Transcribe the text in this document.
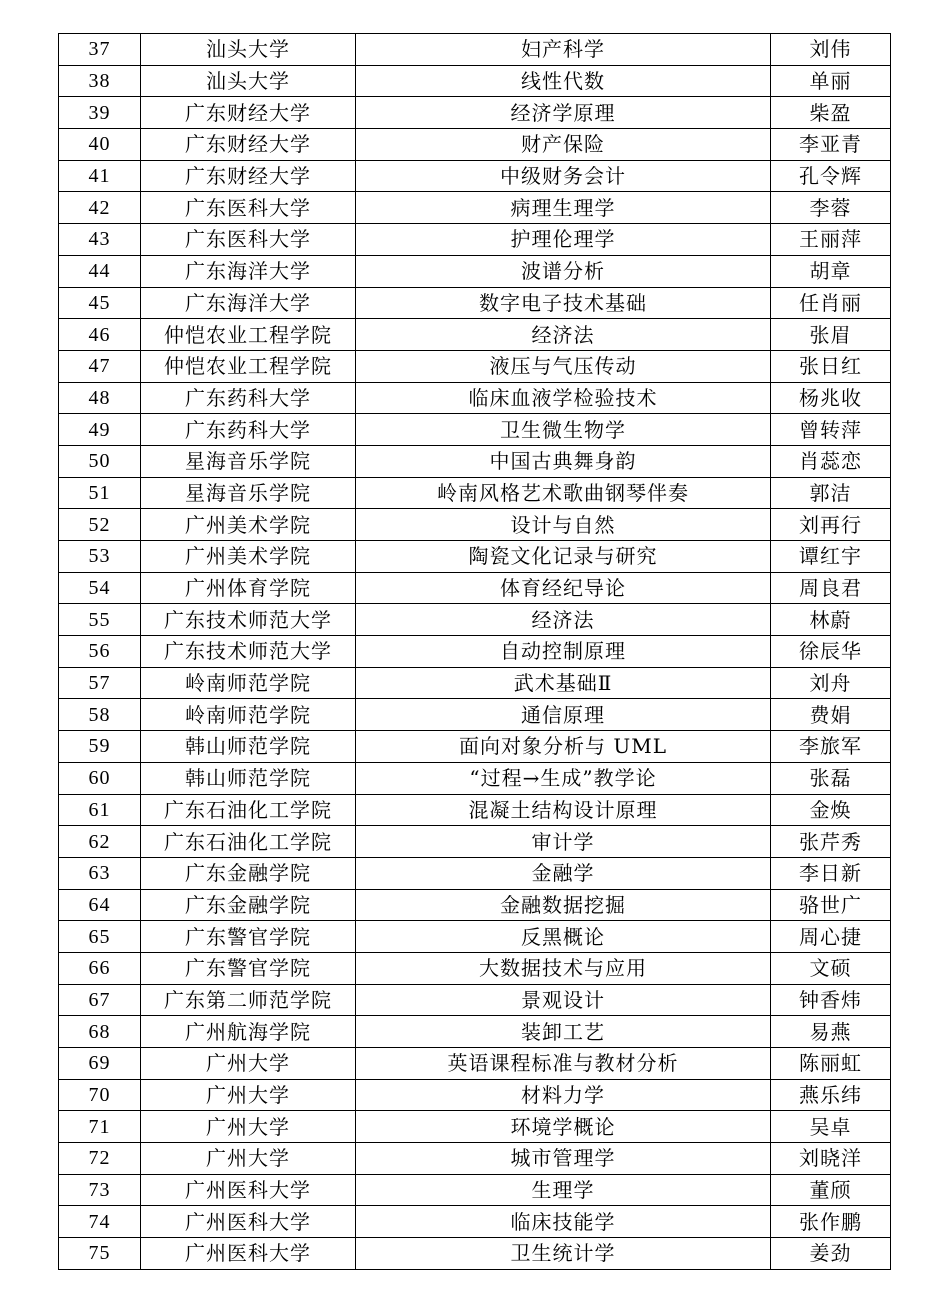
37	汕头大学	妇产科学	刘伟
38	汕头大学	线性代数	单丽
39	广东财经大学	经济学原理	柴盈
40	广东财经大学	财产保险	李亚青
41	广东财经大学	中级财务会计	孔令辉
42	广东医科大学	病理生理学	李蓉
43	广东医科大学	护理伦理学	王丽萍
44	广东海洋大学	波谱分析	胡章
45	广东海洋大学	数字电子技术基础	任肖丽
46	仲恺农业工程学院	经济法	张眉
47	仲恺农业工程学院	液压与气压传动	张日红
48	广东药科大学	临床血液学检验技术	杨兆收
49	广东药科大学	卫生微生物学	曾转萍
50	星海音乐学院	中国古典舞身韵	肖蕊恋
51	星海音乐学院	岭南风格艺术歌曲钢琴伴奏	郭洁
52	广州美术学院	设计与自然	刘再行
53	广州美术学院	陶瓷文化记录与研究	谭红宇
54	广州体育学院	体育经纪导论	周良君
55	广东技术师范大学	经济法	林蔚
56	广东技术师范大学	自动控制原理	徐辰华
57	岭南师范学院	武术基础Ⅱ	刘舟
58	岭南师范学院	通信原理	费娟
59	韩山师范学院	面向对象分析与 UML	李旅军
60	韩山师范学院	“过程→生成”教学论	张磊
61	广东石油化工学院	混凝土结构设计原理	金焕
62	广东石油化工学院	审计学	张芹秀
63	广东金融学院	金融学	李日新
64	广东金融学院	金融数据挖掘	骆世广
65	广东警官学院	反黑概论	周心捷
66	广东警官学院	大数据技术与应用	文硕
67	广东第二师范学院	景观设计	钟香炜
68	广州航海学院	装卸工艺	易燕
69	广州大学	英语课程标准与教材分析	陈丽虹
70	广州大学	材料力学	燕乐纬
71	广州大学	环境学概论	吴卓
72	广州大学	城市管理学	刘晓洋
73	广州医科大学	生理学	董颀
74	广州医科大学	临床技能学	张作鹏
75	广州医科大学	卫生统计学	姜劲
